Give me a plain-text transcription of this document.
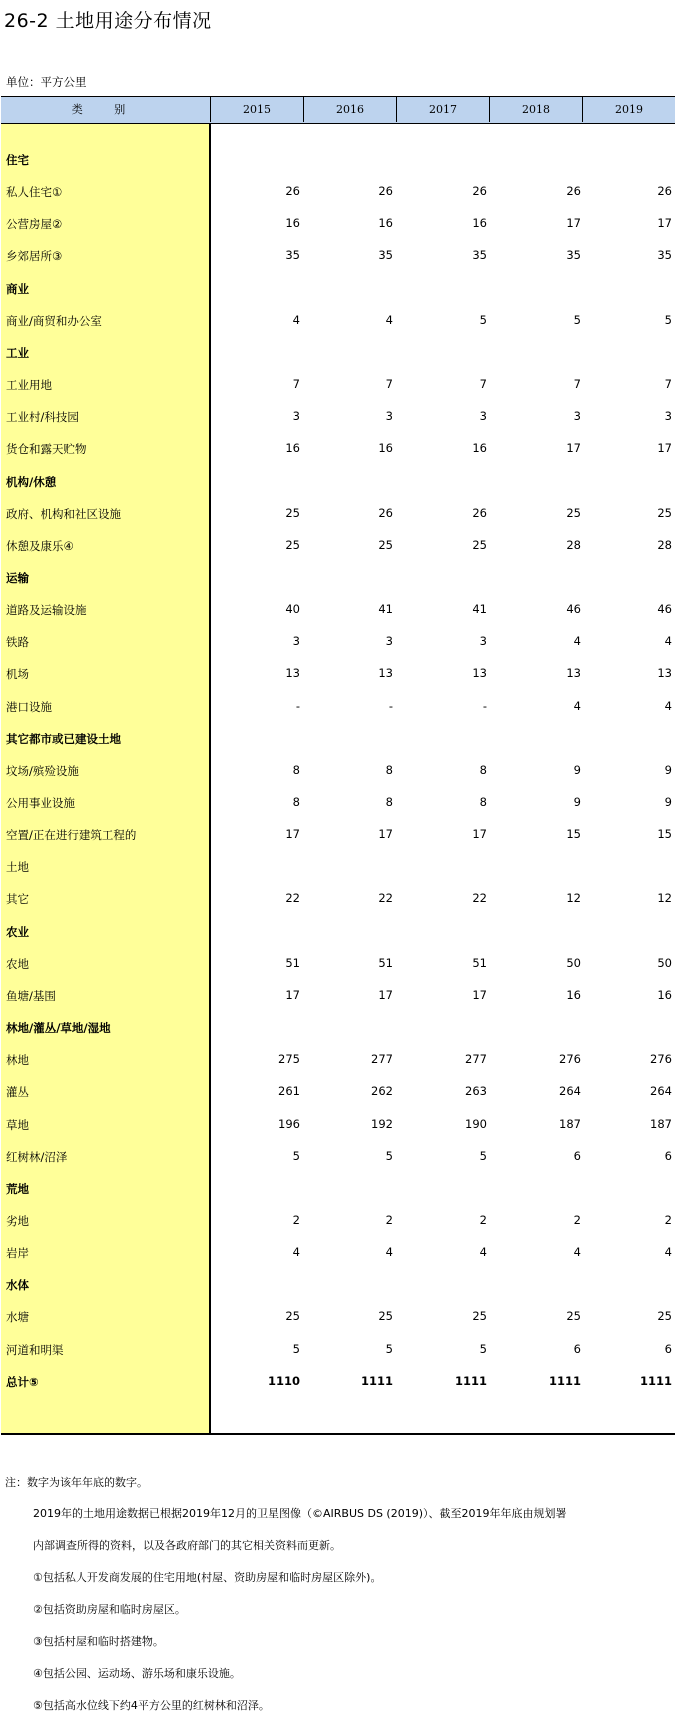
26-2 土地用途分布情况
单位：平方公里
类 别	2015	2016	2017	2018	2019
住宅
私人住宅①	26	26	26	26	26
公营房屋②	16	16	16	17	17
乡郊居所③	35	35	35	35	35
商业
商业/商贸和办公室	4	4	5	5	5
工业
工业用地	7	7	7	7	7
工业村/科技园	3	3	3	3	3
货仓和露天贮物	16	16	16	17	17
机构/休憩
政府、机构和社区设施	25	26	26	25	25
休憩及康乐④	25	25	25	28	28
运输
道路及运输设施	40	41	41	46	46
铁路	3	3	3	4	4
机场	13	13	13	13	13
港口设施	-	-	-	4	4
其它都市或已建设土地
坟场/殡殓设施	8	8	8	9	9
公用事业设施	8	8	8	9	9
空置/正在进行建筑工程的	17	17	17	15	15
土地
其它	22	22	22	12	12
农业
农地	51	51	51	50	50
鱼塘/基围	17	17	17	16	16
林地/灌丛/草地/湿地
林地	275	277	277	276	276
灌丛	261	262	263	264	264
草地	196	192	190	187	187
红树林/沼泽	5	5	5	6	6
荒地
劣地	2	2	2	2	2
岩岸	4	4	4	4	4
水体
水塘	25	25	25	25	25
河道和明渠	5	5	5	6	6
总计⑤	1110	1111	1111	1111	1111
注：数字为该年年底的数字。
2019年的土地用途数据已根据2019年12月的卫星图像（©AIRBUS DS (2019)）、截至2019年年底由规划署
内部调查所得的资料，以及各政府部门的其它相关资料而更新。
①包括私人开发商发展的住宅用地(村屋、资助房屋和临时房屋区除外)。
②包括资助房屋和临时房屋区。
③包括村屋和临时搭建物。
④包括公园、运动场、游乐场和康乐设施。
⑤包括高水位线下约4平方公里的红树林和沼泽。
